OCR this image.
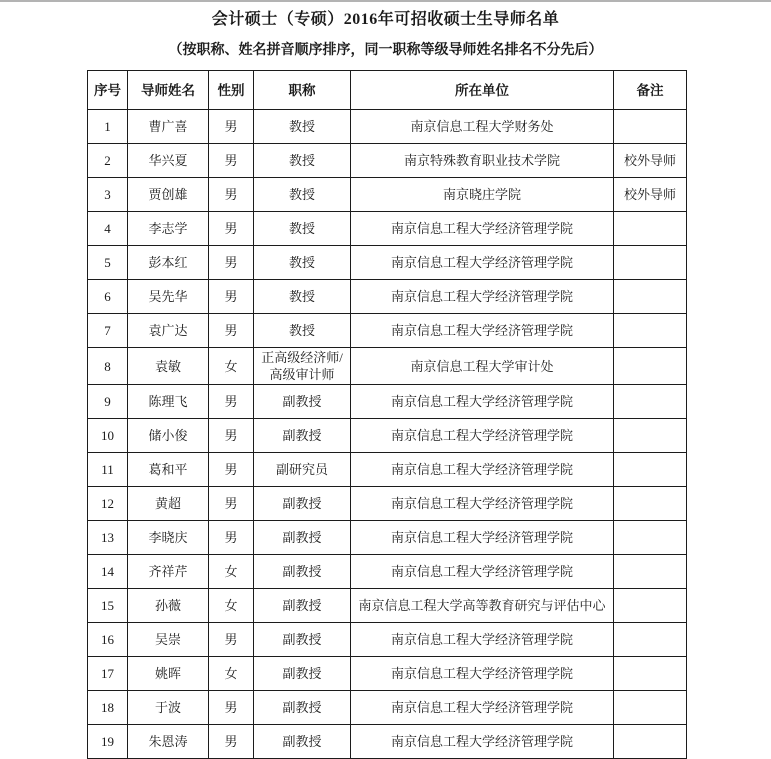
会计硕士（专硕）2016年可招收硕士生导师名单
（按职称、姓名拼音顺序排序，同一职称等级导师姓名排名不分先后）
序号	导师姓名	性别	职称	所在单位	备注
1	曹广喜	男	教授	南京信息工程大学财务处	
2	华兴夏	男	教授	南京特殊教育职业技术学院	校外导师
3	贾创雄	男	教授	南京晓庄学院	校外导师
4	李志学	男	教授	南京信息工程大学经济管理学院	
5	彭本红	男	教授	南京信息工程大学经济管理学院	
6	吴先华	男	教授	南京信息工程大学经济管理学院	
7	袁广达	男	教授	南京信息工程大学经济管理学院	
8	袁敏	女	正高级经济师/高级审计师	南京信息工程大学审计处	
9	陈理飞	男	副教授	南京信息工程大学经济管理学院	
10	储小俊	男	副教授	南京信息工程大学经济管理学院	
11	葛和平	男	副研究员	南京信息工程大学经济管理学院	
12	黄超	男	副教授	南京信息工程大学经济管理学院	
13	李晓庆	男	副教授	南京信息工程大学经济管理学院	
14	齐祥芹	女	副教授	南京信息工程大学经济管理学院	
15	孙薇	女	副教授	南京信息工程大学高等教育研究与评估中心	
16	吴崇	男	副教授	南京信息工程大学经济管理学院	
17	姚晖	女	副教授	南京信息工程大学经济管理学院	
18	于波	男	副教授	南京信息工程大学经济管理学院	
19	朱恩涛	男	副教授	南京信息工程大学经济管理学院	
